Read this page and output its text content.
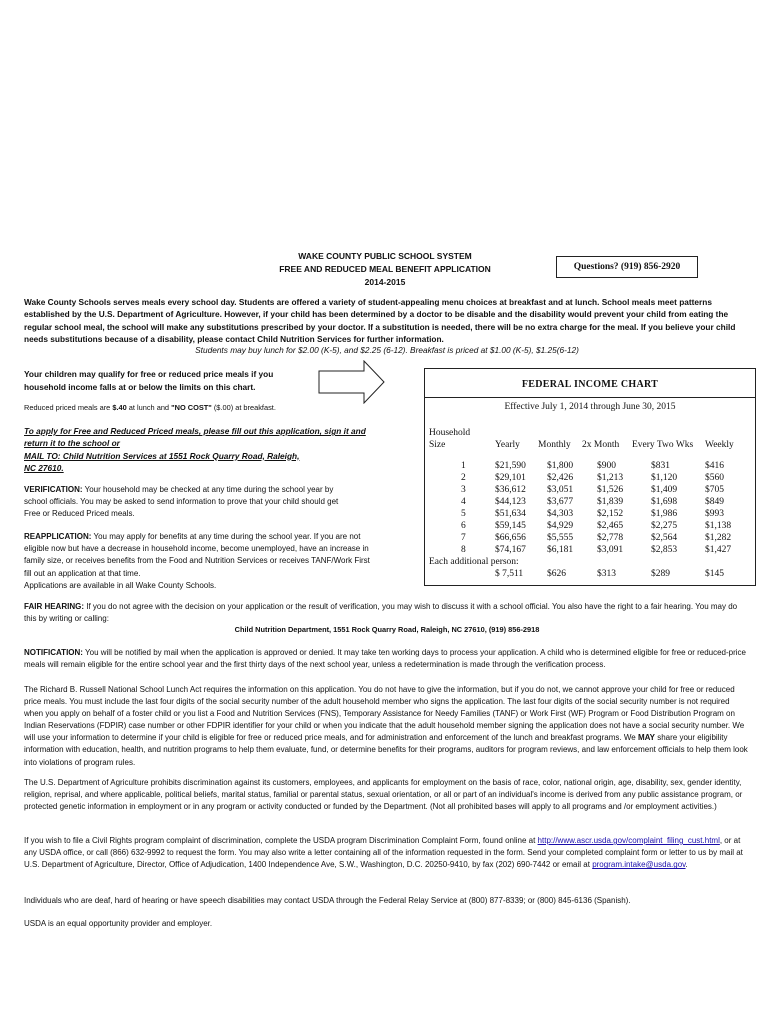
WAKE COUNTY PUBLIC SCHOOL SYSTEM
FREE AND REDUCED MEAL BENEFIT APPLICATION
2014-2015
Questions? (919) 856-2920
Wake County Schools serves meals every school day. Students are offered a variety of student-appealing menu choices at breakfast and at lunch. School meals meet patterns established by the U.S. Department of Agriculture. However, if your child has been determined by a doctor to be disable and the disability would prevent your child from eating the regular school meal, the school will make any substitutions prescribed by your doctor. If a substitution is needed, there will be no extra charge for the meal. If you believe your child needs substitutions because of a disability, please contact Child Nutrition Services for further information.
Students may buy lunch for $2.00 (K-5), and $2.25 (6-12). Breakfast is priced at $1.00 (K-5), $1.25(6-12)
Your children may qualify for free or reduced price meals if you
household income falls at or below the limits on this chart.
Reduced priced meals are $.40 at lunch and "NO COST" ($.00) at breakfast.
To apply for Free and Reduced Priced meals, please fill out this application, sign it and
return it to the school or
MAIL TO: Child Nutrition Services at 1551 Rock Quarry Road, Raleigh,
NC 27610.
VERIFICATION: Your household may be checked at any time during the school year by school officials. You may be asked to send information to prove that your child should get Free or Reduced Priced meals.
REAPPLICATION: You may apply for benefits at any time during the school year. If you are not eligible now but have a decrease in household income, become unemployed, have an increase in family size, or receives benefits from the Food and Nutrition Services or receives TANF/Work First fill out an application at that time.
Applications are available in all Wake County Schools.
FEDERAL INCOME CHART
Effective July 1, 2014 through June 30, 2015
Household
Size	Yearly Monthly 2x Month Every Two Wks Weekly
1	$21,590 $1,800	$900	$831	$416
2	$29,101 $2,426	$1,213	$1,120	$560
3	$36,612 $3,051	$1,526	$1,409	$705
4	$44,123 $3,677	$1,839	$1,698	$849
5	$51,634 $4,303	$2,152	$1,986	$993
6	$59,145 $4,929	$2,465	$2,275	$1,138
7	$66,656 $5,555	$2,778	$2,564	$1,282
8	$74,167 $6,181	$3,091	$2,853	$1,427
Each additional person:
$ 7,511	$626	$313	$289	$145
FAIR HEARING: If you do not agree with the decision on your application or the result of verification, you may wish to discuss it with a school official. You also have the right to a fair hearing. You may do this by writing or calling:
Child Nutrition Department, 1551 Rock Quarry Road, Raleigh, NC 27610, (919) 856-2918
NOTIFICATION: You will be notified by mail when the application is approved or denied. It may take ten working days to process your application. A child who is determined eligible for free or reduced-price meals will remain eligible for the entire school year and the first thirty days of the next school year, unless a redetermination is made through the verification process.
The Richard B. Russell National School Lunch Act requires the information on this application. You do not have to give the information, but if you do not, we cannot approve your child for free or reduced price meals. You must include the last four digits of the social security number of the adult household member who signs the application. The last four digits of the social security number is not required when you apply on behalf of a foster child or you list a Food and Nutrition Services (FNS), Temporary Assistance for Needy Families (TANF) or Work First (WF) Program or Food Distribution Program on Indian Reservations (FDPIR) case number or other FDPIR identifier for your child or when you indicate that the adult household member signing the application does not have a social security number. We will use your information to determine if your child is eligible for free or reduced price meals, and for administration and enforcement of the lunch and breakfast programs. We MAY share your eligibility information with education, health, and nutrition programs to help them evaluate, fund, or determine benefits for their programs, auditors for program reviews, and law enforcement officials to help them look into violations of program rules.
The U.S. Department of Agriculture prohibits discrimination against its customers, employees, and applicants for employment on the basis of race, color, national origin, age, disability, sex, gender identity, religion, reprisal, and where applicable, political beliefs, marital status, familial or parental status, sexual orientation, or all or part of an individual's income is derived from any public assistance program, or protected genetic information in employment or in any program or activity conducted or funded by the Department. (Not all prohibited bases will apply to all programs and /or employment activities.)
If you wish to file a Civil Rights program complaint of discrimination, complete the USDA program Discrimination Complaint Form, found online at http://www.ascr.usda.gov/complaint_filing_cust.html, or at any USDA office, or call (866) 632-9992 to request the form. You may also write a letter containing all of the information requested in the form. Send your completed complaint form or letter to us by mail at U.S. Department of Agriculture, Director, Office of Adjudication, 1400 Independence Ave, S.W., Washington, D.C. 20250-9410, by fax (202) 690-7442 or email at program.intake@usda.gov.
Individuals who are deaf, hard of hearing or have speech disabilities may contact USDA through the Federal Relay Service at (800) 877-8339; or (800) 845-6136 (Spanish).
USDA is an equal opportunity provider and employer.
